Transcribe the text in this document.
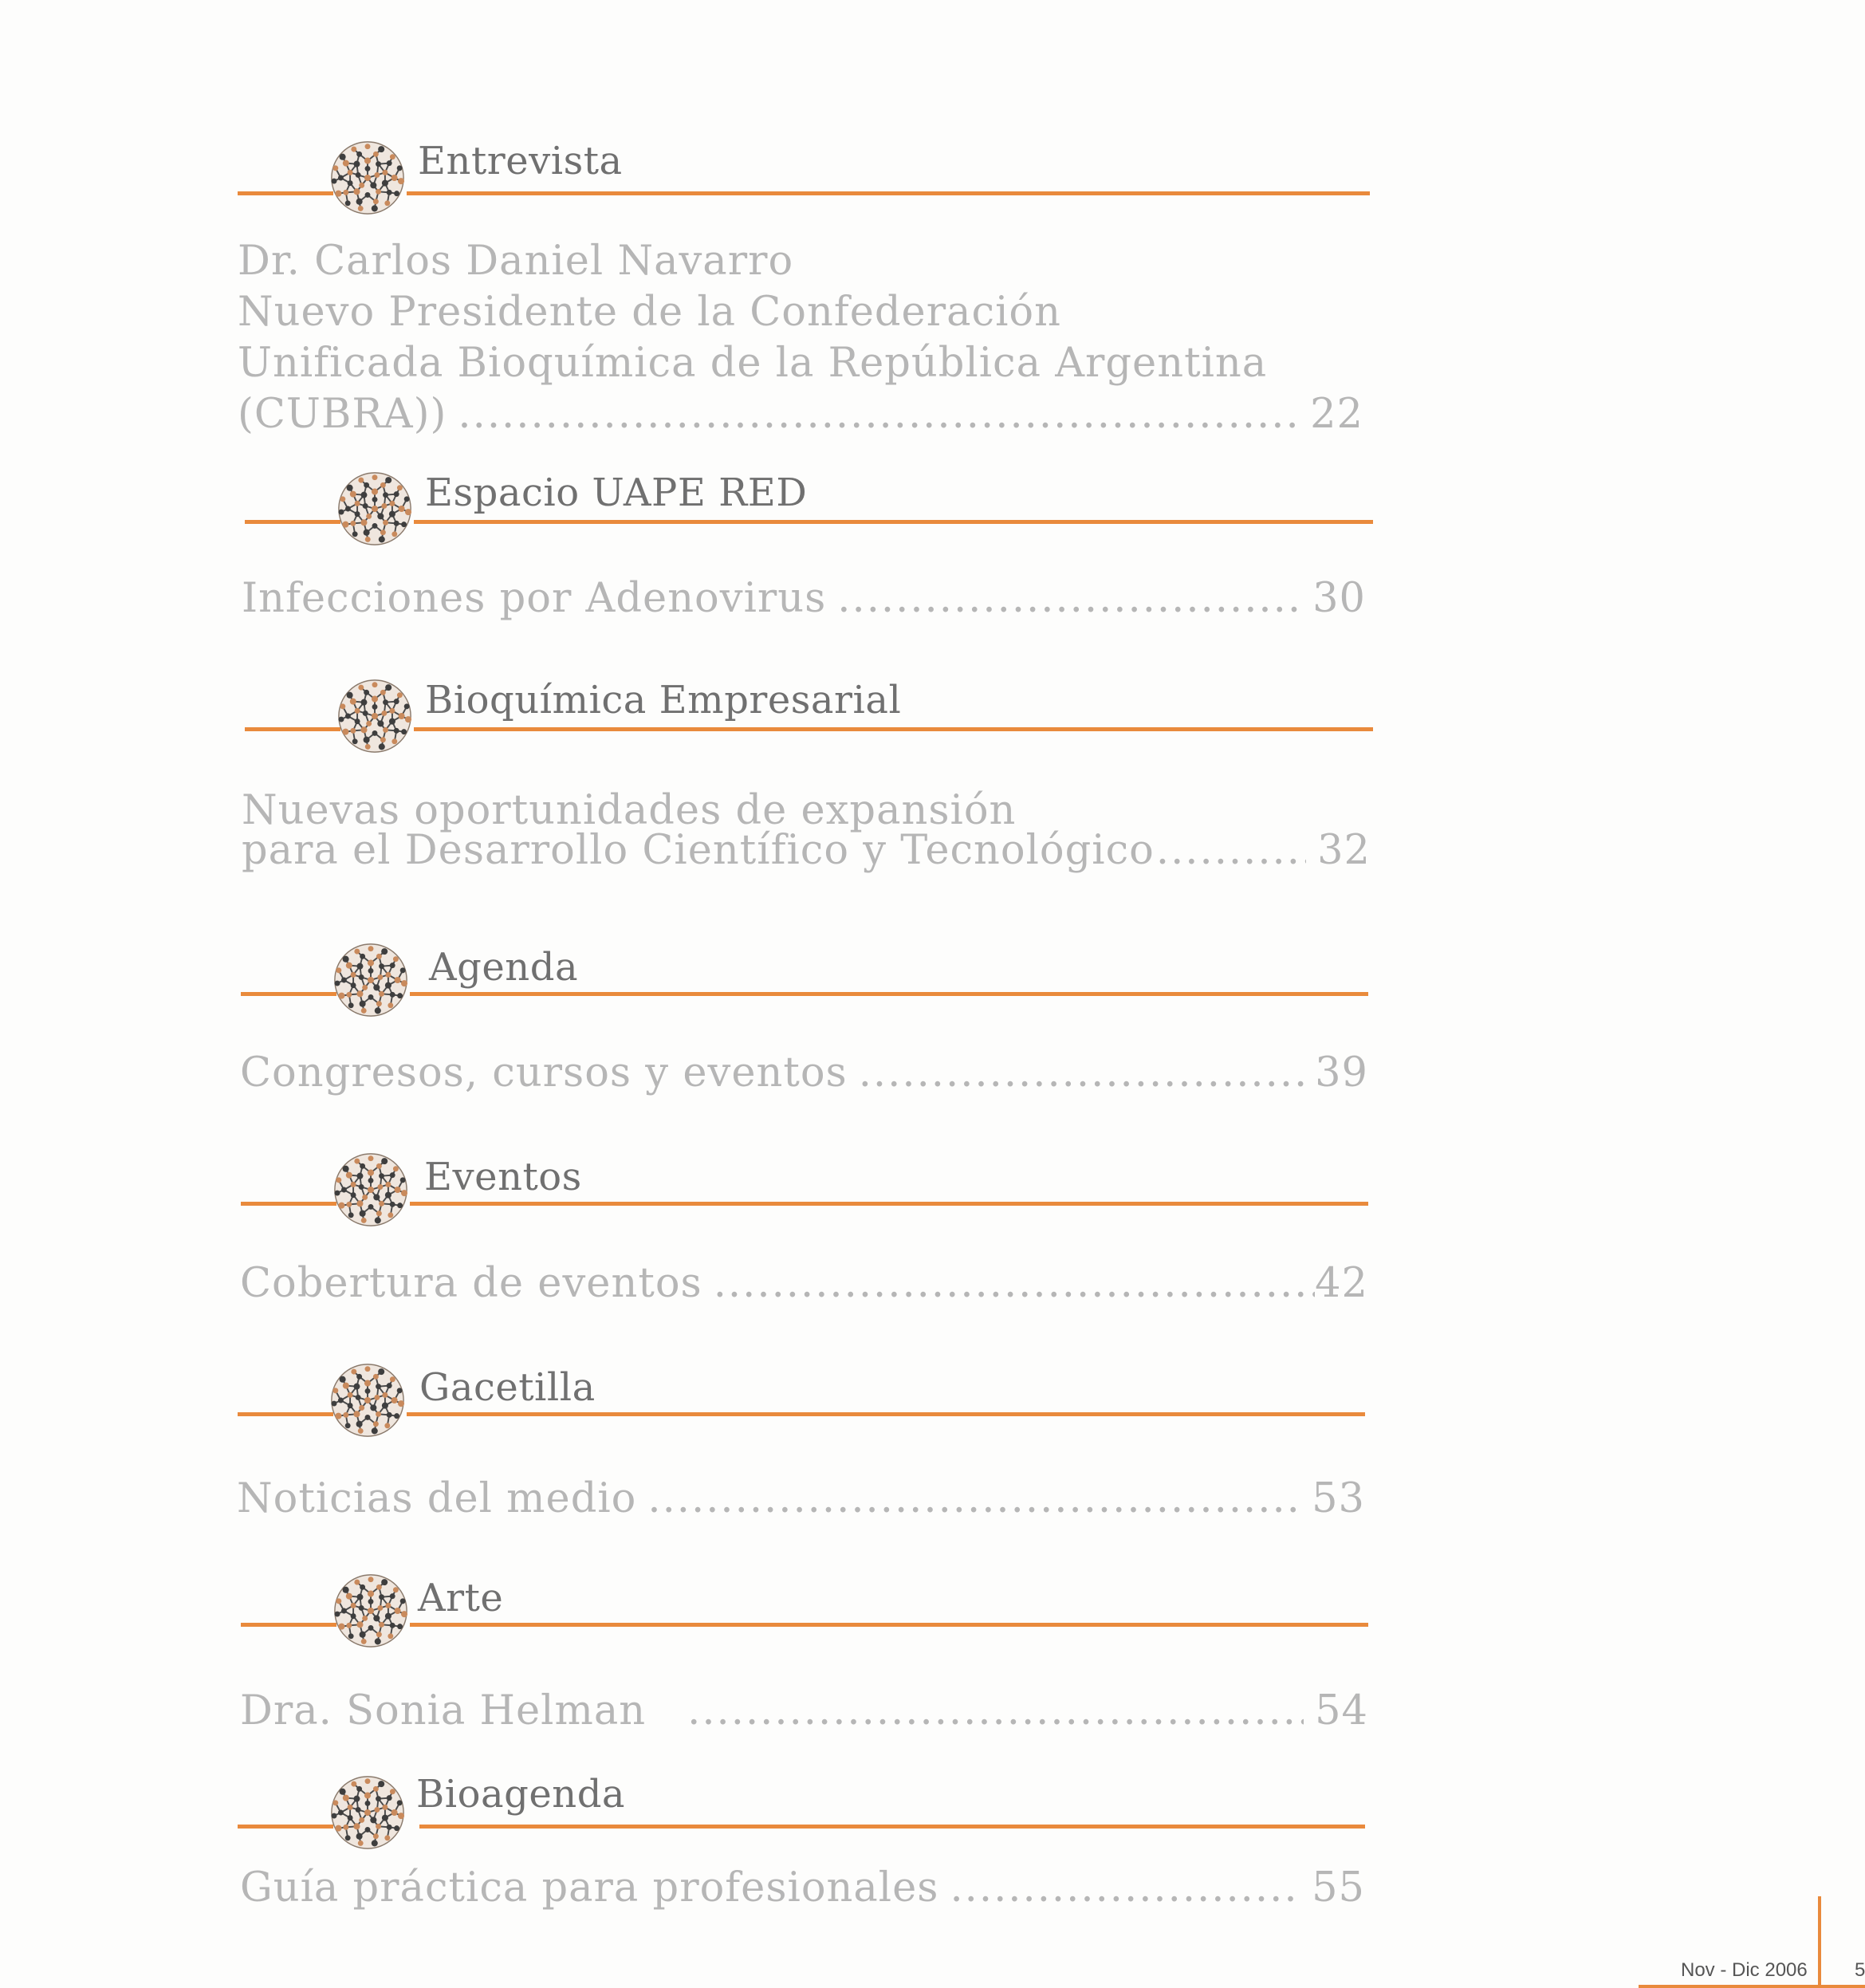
Entrevista
Dr. Carlos Daniel Navarro
Nuevo Presidente de la Confederación
Unificada Bioquímica de la República Argentina
(CUBRA)) .....	22
Espacio UAPE RED
Infecciones por Adenovirus .....	30
Bioquímica Empresarial
Nuevas oportunidades de expansión
para el Desarrollo Científico y Tecnológico .....	32
Agenda
Congresos, cursos y eventos .....	39
Eventos
Cobertura de eventos .....	42
Gacetilla
Noticias del medio .....	53
Arte
Dra. Sonia Helman .....	54
Bioagenda
Guía práctica para profesionales .....	55
Nov - Dic 2006 5
